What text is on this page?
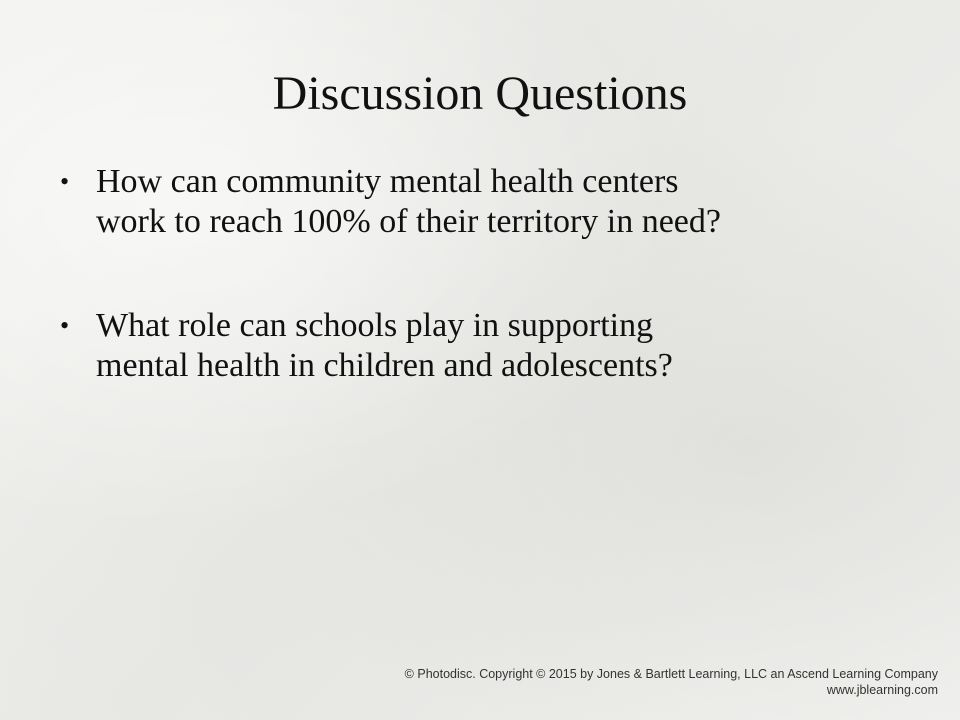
Discussion Questions
• How can community mental health centers
work to reach 100% of their territory in need?
• What role can schools play in supporting
mental health in children and adolescents?
© Photodisc. Copyright © 2015 by Jones & Bartlett Learning, LLC an Ascend Learning Company
www.jblearning.com
